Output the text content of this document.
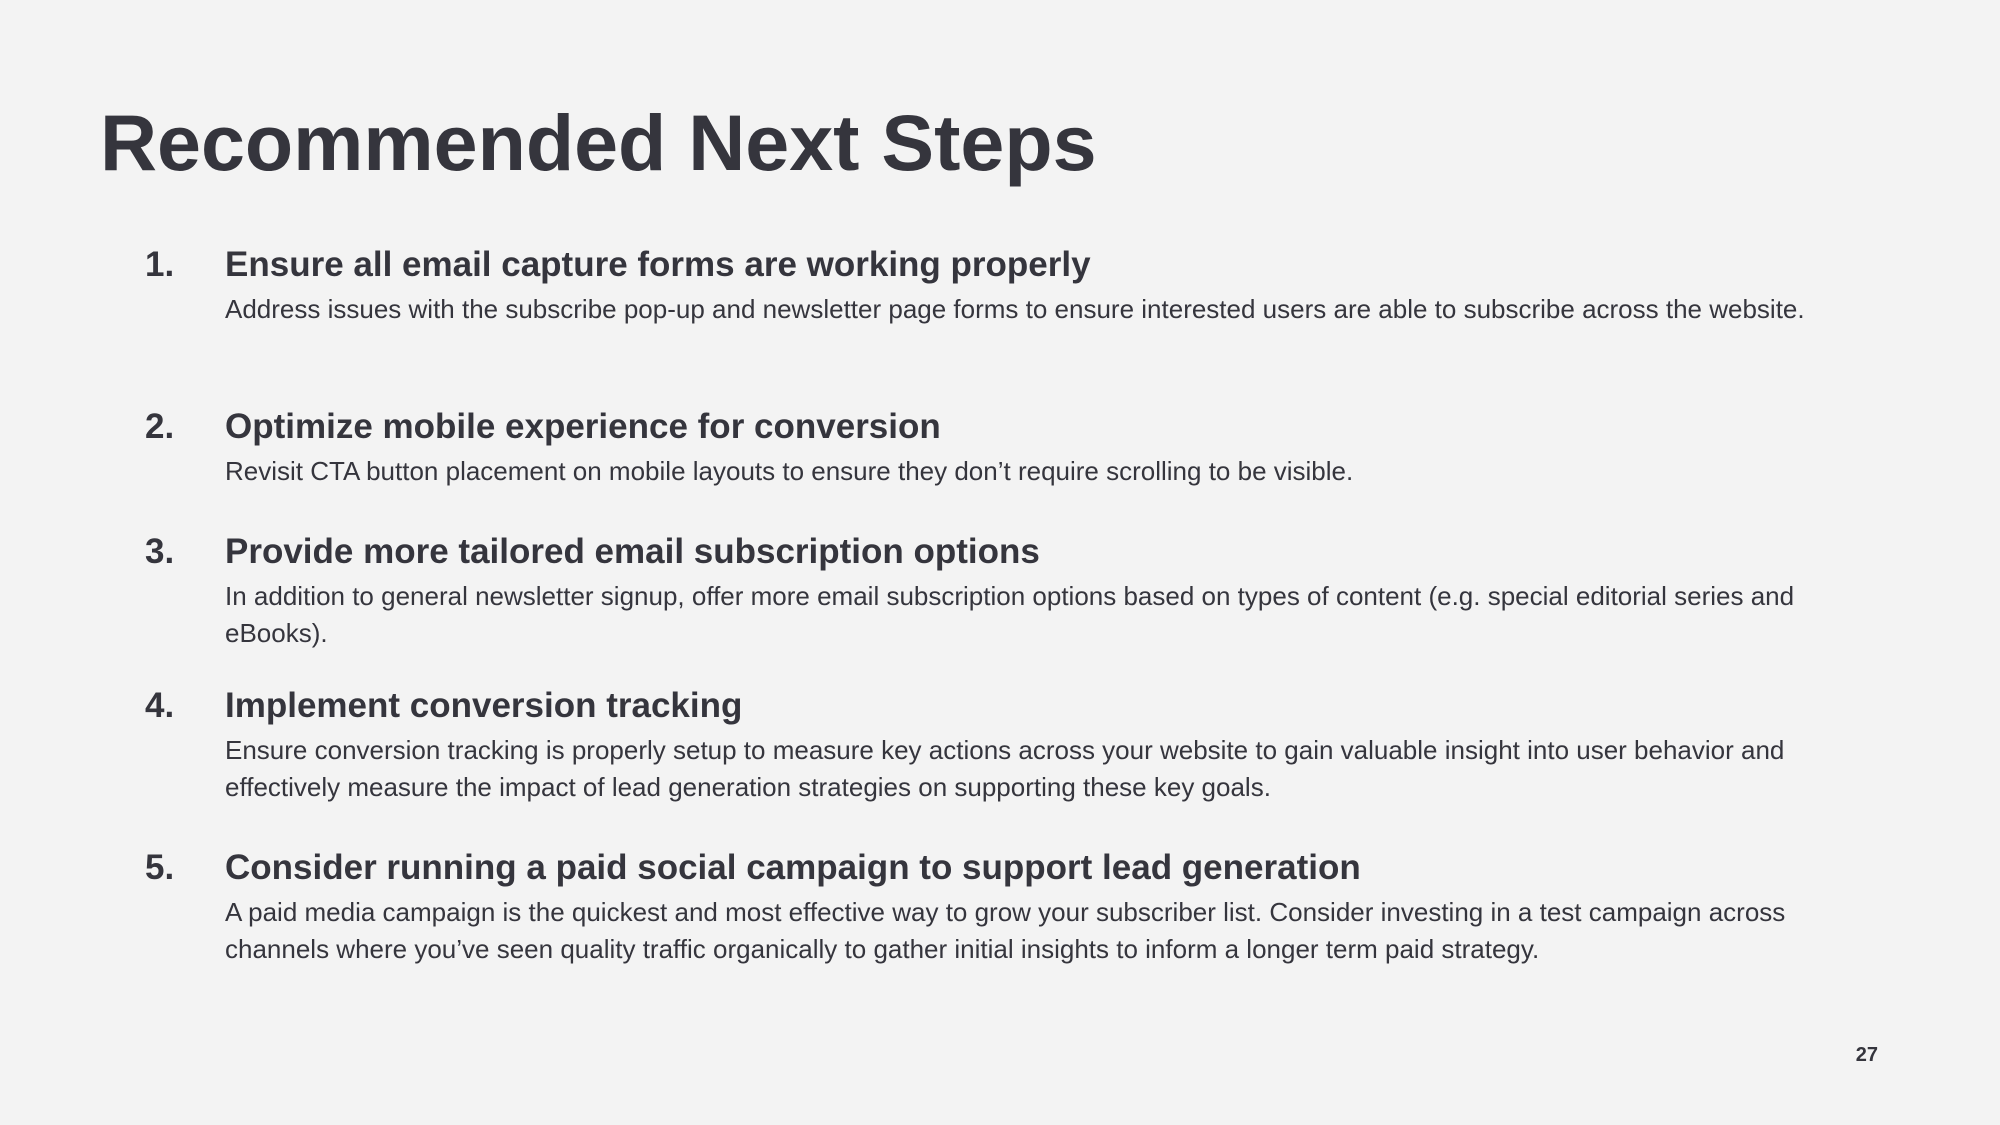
Recommended Next Steps
1. Ensure all email capture forms are working properly
Address issues with the subscribe pop-up and newsletter page forms to ensure interested users are able to subscribe across the website.
2. Optimize mobile experience for conversion
Revisit CTA button placement on mobile layouts to ensure they don’t require scrolling to be visible.
3. Provide more tailored email subscription options
In addition to general newsletter signup, offer more email subscription options based on types of content (e.g. special editorial series and eBooks).
4. Implement conversion tracking
Ensure conversion tracking is properly setup to measure key actions across your website to gain valuable insight into user behavior and effectively measure the impact of lead generation strategies on supporting these key goals.
5. Consider running a paid social campaign to support lead generation
A paid media campaign is the quickest and most effective way to grow your subscriber list. Consider investing in a test campaign across channels where you’ve seen quality traffic organically to gather initial insights to inform a longer term paid strategy.
27
